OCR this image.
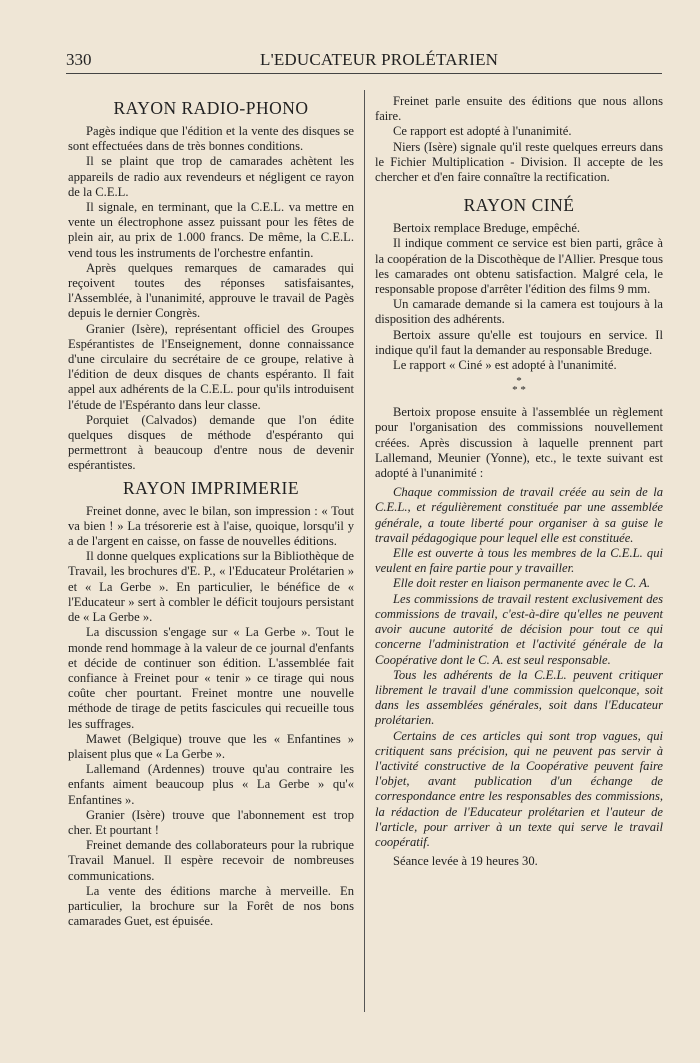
330	L'EDUCATEUR PROLÉTARIEN
RAYON RADIO-PHONO

Pagès indique que l'édition et la vente des disques se sont effectuées dans de très bonnes conditions.

Il se plaint que trop de camarades achètent les appareils de radio aux revendeurs et négligent ce rayon de la C.E.L.

Il signale, en terminant, que la C.E.L. va mettre en vente un électrophone assez puissant pour les fêtes de plein air, au prix de 1.000 francs. De même, la C.E.L. vend tous les instruments de l'orchestre enfantin.

Après quelques remarques de camarades qui reçoivent toutes des réponses satisfaisantes, l'Assemblée, à l'unanimité, approuve le travail de Pagès depuis le dernier Congrès.

Granier (Isère), représentant officiel des Groupes Espérantistes de l'Enseignement, donne connaissance d'une circulaire du secrétaire de ce groupe, relative à l'édition de deux disques de chants espéranto. Il fait appel aux adhérents de la C.E.L. pour qu'ils introduisent l'étude de l'Espéranto dans leur classe.

Porquiet (Calvados) demande que l'on édite quelques disques de méthode d'espéranto qui permettront à beaucoup d'entre nous de devenir espérantistes.

RAYON IMPRIMERIE

Freinet donne, avec le bilan, son impression : « Tout va bien ! » La trésorerie est à l'aise, quoique, lorsqu'il y a de l'argent en caisse, on fasse de nouvelles éditions.

Il donne quelques explications sur la Bibliothèque de Travail, les brochures d'E. P., « l'Educateur Prolétarien » et « La Gerbe ». En particulier, le bénéfice de « l'Educateur » sert à combler le déficit toujours persistant de « La Gerbe ».

La discussion s'engage sur « La Gerbe ». Tout le monde rend hommage à la valeur de ce journal d'enfants et décide de continuer son édition. L'assemblée fait confiance à Freinet pour « tenir » ce tirage qui nous coûte cher pourtant. Freinet montre une nouvelle méthode de tirage de petits fascicules qui recueille tous les suffrages.

Mawet (Belgique) trouve que les « Enfantines » plaisent plus que « La Gerbe ».

Lallemand (Ardennes) trouve qu'au contraire les enfants aiment beaucoup plus « La Gerbe » qu'« Enfantines ».

Granier (Isère) trouve que l'abonnement est trop cher. Et pourtant !

Freinet demande des collaborateurs pour la rubrique Travail Manuel. Il espère recevoir de nombreuses communications.

La vente des éditions marche à merveille. En particulier, la brochure sur la Forêt de nos bons camarades Guet, est épuisée.

Freinet parle ensuite des éditions que nous allons faire.

Ce rapport est adopté à l'unanimité.

Niers (Isère) signale qu'il reste quelques erreurs dans le Fichier Multiplication - Division. Il accepte de les chercher et d'en faire connaître la rectification.

RAYON CINÉ

Bertoix remplace Breduge, empêché.

Il indique comment ce service est bien parti, grâce à la coopération de la Discothèque de l'Allier. Presque tous les camarades ont obtenu satisfaction. Malgré cela, le responsable propose d'arrêter l'édition des films 9 mm.

Un camarade demande si la camera est toujours à la disposition des adhérents.

Bertoix assure qu'elle est toujours en service. Il indique qu'il faut la demander au responsable Breduge.

Le rapport « Ciné » est adopté à l'unanimité.

*
* *

Bertoix propose ensuite à l'assemblée un règlement pour l'organisation des commissions nouvellement créées. Après discussion à laquelle prennent part Lallemand, Meunier (Yonne), etc., le texte suivant est adopté à l'unanimité :

Chaque commission de travail créée au sein de la C.E.L., et régulièrement constituée par une assemblée générale, a toute liberté pour organiser à sa guise le travail pédagogique pour lequel elle est constituée.

Elle est ouverte à tous les membres de la C.E.L. qui veulent en faire partie pour y travailler.

Elle doit rester en liaison permanente avec le C. A.

Les commissions de travail restent exclusivement des commissions de travail, c'est-à-dire qu'elles ne peuvent avoir aucune autorité de décision pour tout ce qui concerne l'administration et l'activité générale de la Coopérative dont le C. A. est seul responsable.

Tous les adhérents de la C.E.L. peuvent critiquer librement le travail d'une commission quelconque, soit dans les assemblées générales, soit dans l'Educateur prolétarien.

Certains de ces articles qui sont trop vagues, qui critiquent sans précision, qui ne peuvent pas servir à l'activité constructive de la Coopérative peuvent faire l'objet, avant publication d'un échange de correspondance entre les responsables des commissions, la rédaction de l'Educateur prolétarien et l'auteur de l'article, pour arriver à un texte qui serve le travail coopératif.

Séance levée à 19 heures 30.
